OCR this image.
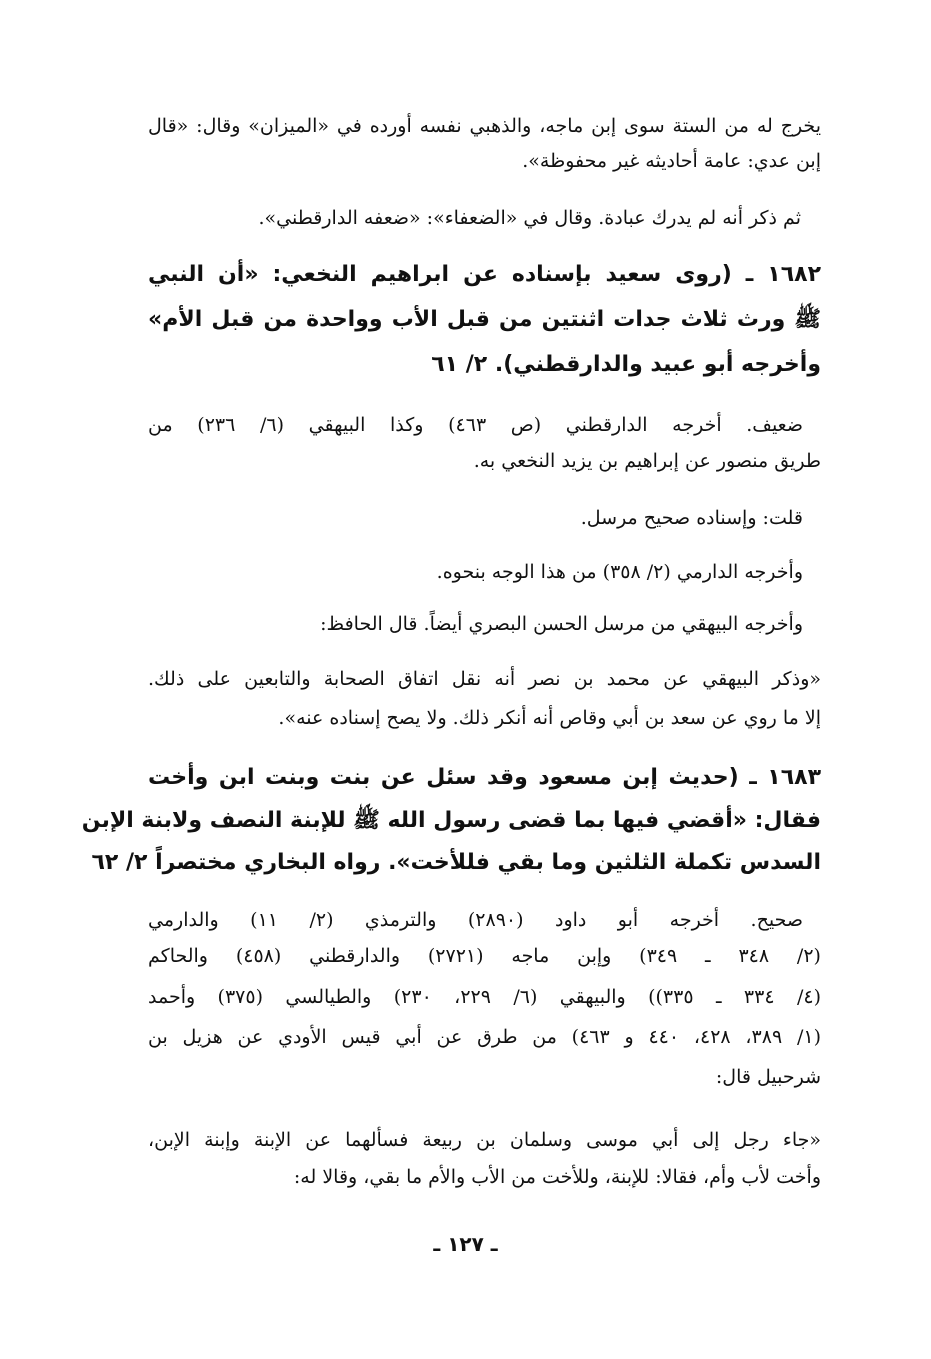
يخرج له من الستة سوى إبن ماجه، والذهبي نفسه أورده في «الميزان» وقال: «قال
إبن عدي: عامة أحاديثه غير محفوظة».
ثم ذكر أنه لم يدرك عبادة. وقال في «الضعفاء»: «ضعفه الدارقطني».
١٦٨٢ ـ (روى سعيد بإسناده عن ابراهيم النخعي: «أن النبي
ﷺ ورث ثلاث جدات اثنتين من قبل الأب وواحدة من قبل الأم»
وأخرجه أبو عبيد والدارقطني). ٢/ ٦١
ضعيف. أخرجه الدارقطني (ص ٤٦٣) وكذا البيهقي (٦/ ٢٣٦) من
طريق منصور عن إبراهيم بن يزيد النخعي به.
قلت: وإسناده صحيح مرسل.
وأخرجه الدارمي (٢/ ٣٥٨) من هذا الوجه بنحوه.
وأخرجه البيهقي من مرسل الحسن البصري أيضاً. قال الحافظ:
«وذكر البيهقي عن محمد بن نصر أنه نقل اتفاق الصحابة والتابعين على ذلك.
إلا ما روي عن سعد بن أبي وقاص أنه أنكر ذلك. ولا يصح إسناده عنه».
١٦٨٣ ـ (حديث إبن مسعود وقد سئل عن بنت وبنت ابن وأخت
فقال: «أقضي فيها بما قضى رسول الله ﷺ للإبنة النصف ولابنة الإبن
السدس تكملة الثلثين وما بقي فللأخت». رواه البخاري مختصراً ٢/ ٦٢
صحيح. أخرجه أبو داود (٢٨٩٠) والترمذي (٢/ ١١) والدارمي
(٢/ ٣٤٨ ـ ٣٤٩) وإبن ماجه (٢٧٢١) والدارقطني (٤٥٨) والحاكم
(٤/ ٣٣٤ ـ ٣٣٥)) والبيهقي (٦/ ٢٢٩، ٢٣٠) والطيالسي (٣٧٥) وأحمد
(١/ ٣٨٩، ٤٢٨، ٤٤٠ و ٤٦٣) من طرق عن أبي قيس الأودي عن هزيل بن
شرحبيل قال:
«جاء رجل إلى أبي موسى وسلمان بن ربيعة فسألهما عن الإبنة وإبنة الإبن،
وأخت لأب وأم، فقالا: للإبنة، وللأخت من الأب والأم ما بقي، وقالا له:
ـ ١٢٧ ـ
